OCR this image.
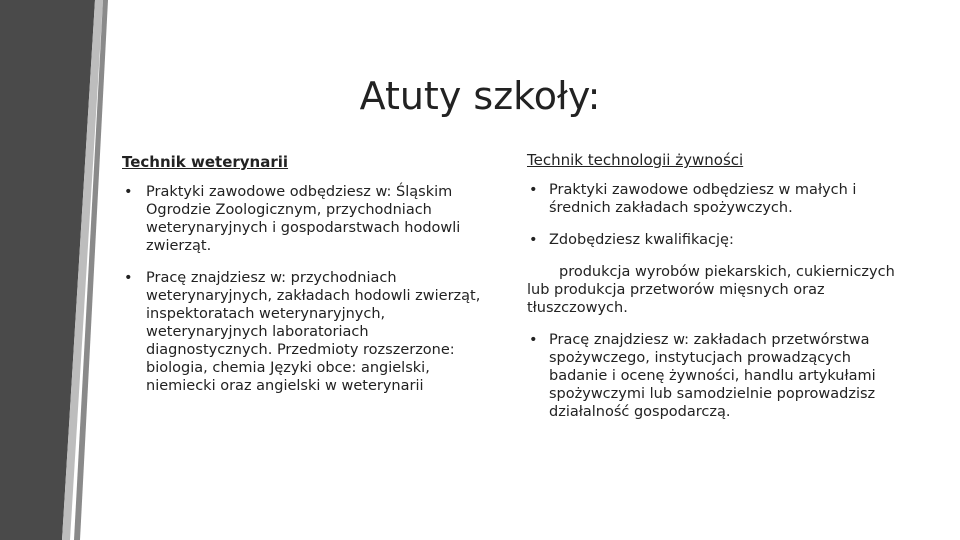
Atuty szkoły:
Technik weterynarii
• Praktyki zawodowe odbędziesz w: Śląskim Ogrodzie Zoologicznym, przychodniach weterynaryjnych i gospodarstwach hodowli zwierząt.
• Pracę znajdziesz w: przychodniach weterynaryjnych, zakładach hodowli zwierząt, inspektoratach weterynaryjnych, weterynaryjnych laboratoriach diagnostycznych. Przedmioty rozszerzone: biologia, chemia Języki obce: angielski, niemiecki oraz angielski w weterynarii
Technik technologii żywności
• Praktyki zawodowe odbędziesz w małych i średnich zakładach spożywczych.
• Zdobędziesz kwalifikację:
produkcja wyrobów piekarskich, cukierniczych lub produkcja przetworów mięsnych oraz tłuszczowych.
• Pracę znajdziesz w: zakładach przetwórstwa spożywczego, instytucjach prowadzących badanie i ocenę żywności, handlu artykułami spożywczymi lub samodzielnie poprowadzisz działalność gospodarczą.
